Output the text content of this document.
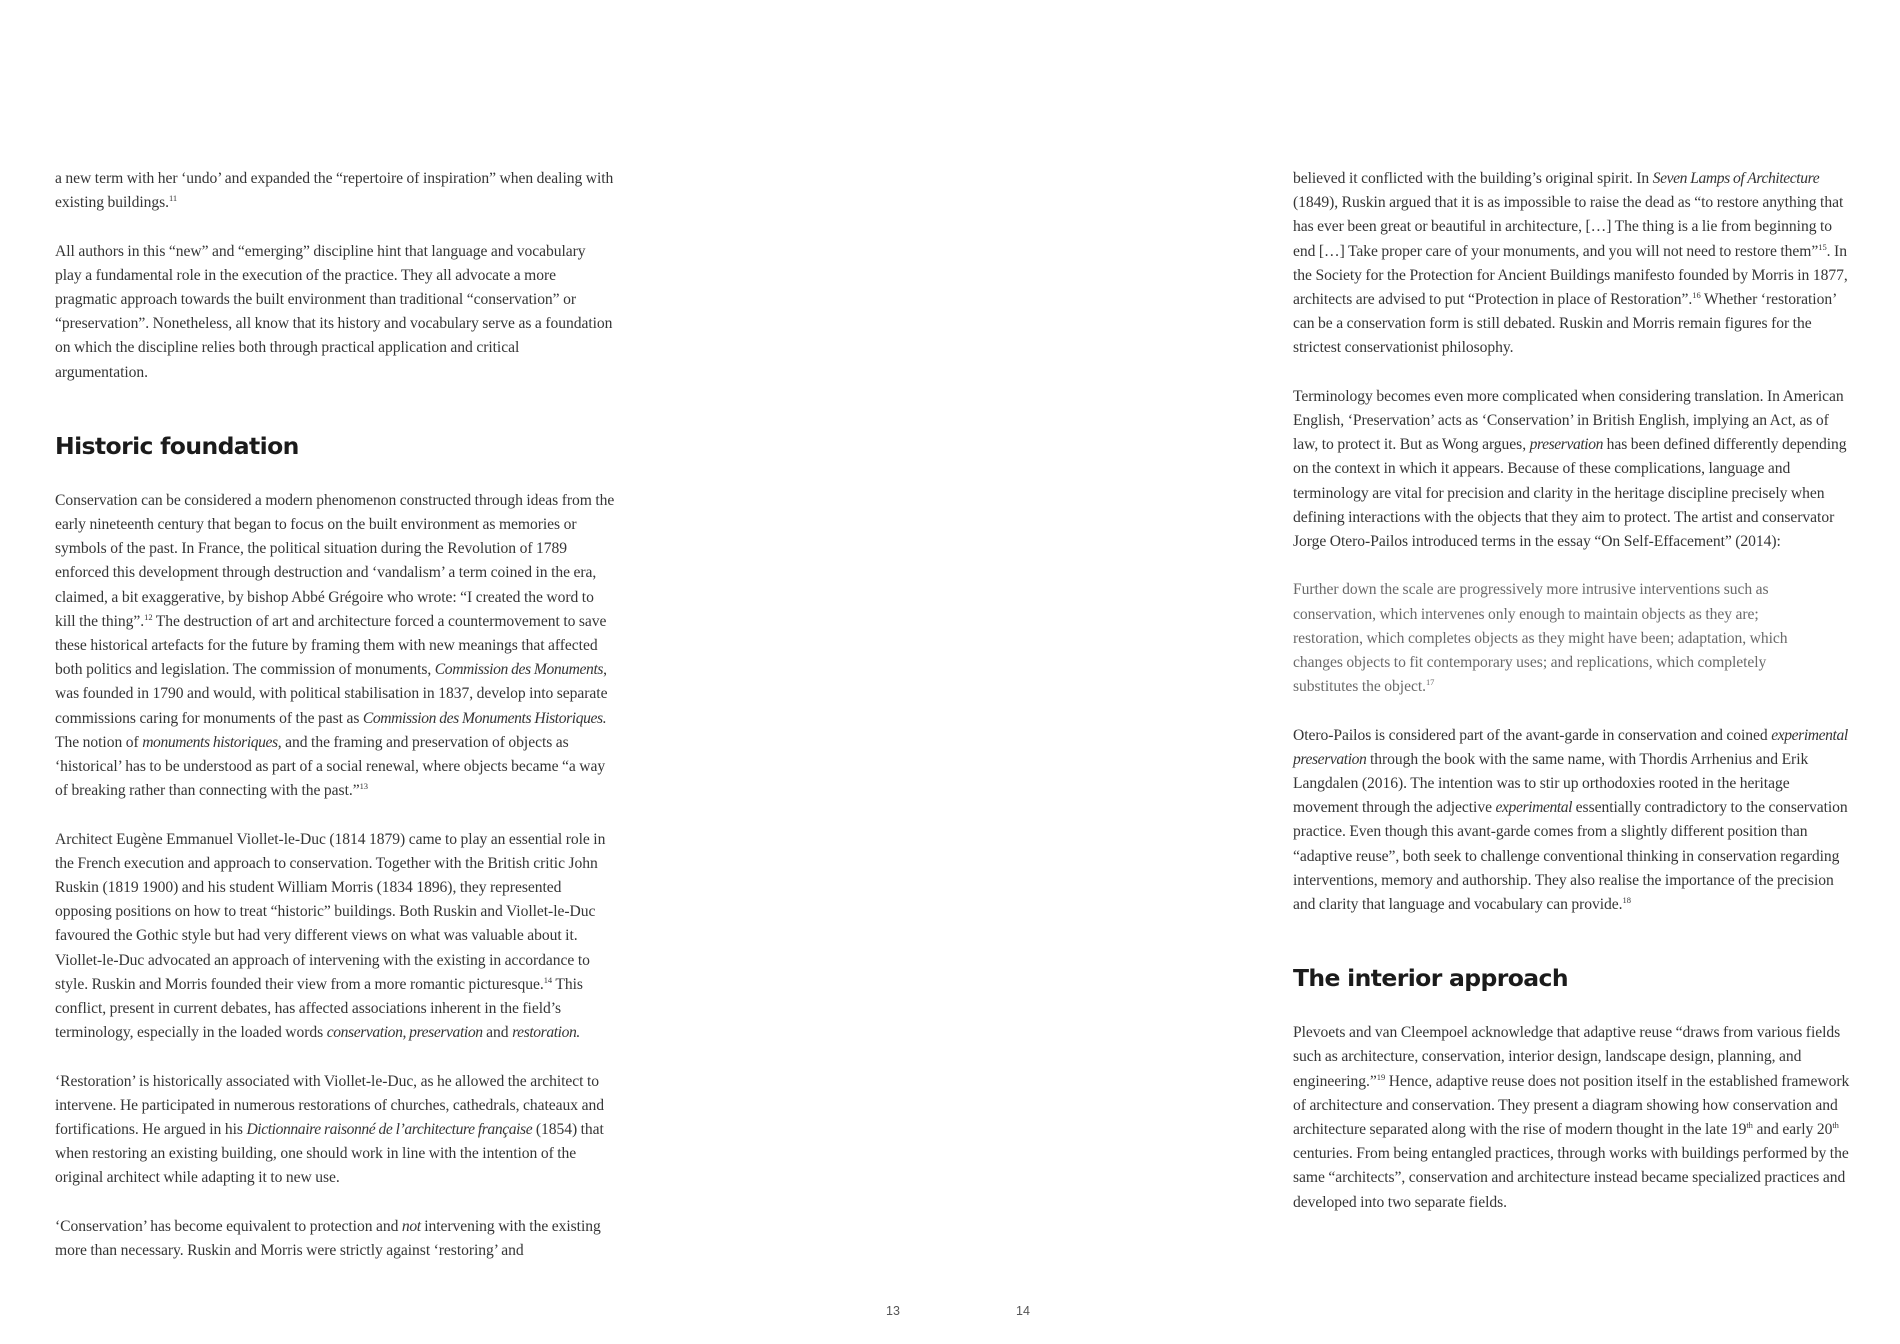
a new term with her ‘undo’ and expanded the “repertoire of inspiration” when dealing with existing buildings.$^{11}$

All authors in this “new” and “emerging” discipline hint that language and vocabulary play a fundamental role in the execution of the practice. They all advocate a more pragmatic approach towards the built environment than traditional “conservation” or “preservation”. Nonetheless, all know that its history and vocabulary serve as a foundation on which the discipline relies both through practical application and critical argumentation.

Historic foundation

Conservation can be considered a modern phenomenon constructed through ideas from the early nineteenth century that began to focus on the built environment as memories or symbols of the past. In France, the political situation during the Revolution of 1789 enforced this development through destruction and ‘vandalism’ a term coined in the era, claimed, a bit exaggerative, by bishop Abbé Grégoire who wrote: “I created the word to kill the thing”.$^{12}$ The destruction of art and architecture forced a countermovement to save these historical artefacts for the future by framing them with new meanings that affected both politics and legislation. The commission of monuments, Commission des Monuments, was founded in 1790 and would, with political stabilisation in 1837, develop into separate commissions caring for monuments of the past as Commission des Monuments Historiques. The notion of monuments historiques, and the framing and preservation of objects as ‘historical’ has to be understood as part of a social renewal, where objects became “a way of breaking rather than connecting with the past.”$^{13}$

Architect Eugène Emmanuel Viollet-le-Duc (1814 1879) came to play an essential role in the French execution and approach to conservation. Together with the British critic John Ruskin (1819 1900) and his student William Morris (1834 1896), they represented opposing positions on how to treat “historic” buildings. Both Ruskin and Viollet-le-Duc favoured the Gothic style but had very different views on what was valuable about it. Viollet-le-Duc advocated an approach of intervening with the existing in accordance to style. Ruskin and Morris founded their view from a more romantic picturesque.$^{14}$ This conflict, present in current debates, has affected associations inherent in the field’s terminology, especially in the loaded words conservation, preservation and restoration.

‘Restoration’ is historically associated with Viollet-le-Duc, as he allowed the architect to intervene. He participated in numerous restorations of churches, cathedrals, chateaux and fortifications. He argued in his Dictionnaire raisonné de l’architecture française (1854) that when restoring an existing building, one should work in line with the intention of the original architect while adapting it to new use.

‘Conservation’ has become equivalent to protection and not intervening with the existing more than necessary. Ruskin and Morris were strictly against ‘restoring’ and

believed it conflicted with the building’s original spirit. In Seven Lamps of Architecture (1849), Ruskin argued that it is as impossible to raise the dead as “to restore anything that has ever been great or beautiful in architecture, […] The thing is a lie from beginning to end […] Take proper care of your monuments, and you will not need to restore them”$^{15}$. In the Society for the Protection for Ancient Buildings manifesto founded by Morris in 1877, architects are advised to put “Protection in place of Restoration”.$^{16}$ Whether ‘restoration’ can be a conservation form is still debated. Ruskin and Morris remain figures for the strictest conservationist philosophy.

Terminology becomes even more complicated when considering translation. In American English, ‘Preservation’ acts as ‘Conservation’ in British English, implying an Act, as of law, to protect it. But as Wong argues, preservation has been defined differently depending on the context in which it appears. Because of these complications, language and terminology are vital for precision and clarity in the heritage discipline precisely when defining interactions with the objects that they aim to protect. The artist and conservator Jorge Otero-Pailos introduced terms in the essay “On Self-Effacement” (2014):

Further down the scale are progressively more intrusive interventions such as conservation, which intervenes only enough to maintain objects as they are; restoration, which completes objects as they might have been; adaptation, which changes objects to fit contemporary uses; and replications, which completely substitutes the object.$^{17}$

Otero-Pailos is considered part of the avant-garde in conservation and coined experimental preservation through the book with the same name, with Thordis Arrhenius and Erik Langdalen (2016). The intention was to stir up orthodoxies rooted in the heritage movement through the adjective experimental essentially contradictory to the conservation practice. Even though this avant-garde comes from a slightly different position than “adaptive reuse”, both seek to challenge conventional thinking in conservation regarding interventions, memory and authorship. They also realise the importance of the precision and clarity that language and vocabulary can provide.$^{18}$

The interior approach

Plevoets and van Cleempoel acknowledge that adaptive reuse “draws from various fields such as architecture, conservation, interior design, landscape design, planning, and engineering.”$^{19}$ Hence, adaptive reuse does not position itself in the established framework of architecture and conservation. They present a diagram showing how conservation and architecture separated along with the rise of modern thought in the late 19th and early 20th centuries. From being entangled practices, through works with buildings performed by the same “architects”, conservation and architecture instead became specialized practices and developed into two separate fields.

13	14
